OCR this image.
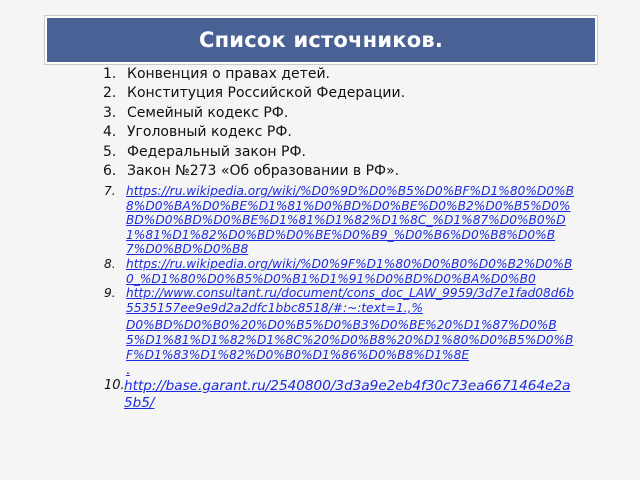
Список источников.
1. Конвенция о правах детей.
2. Конституция Российской Федерации.
3. Семейный кодекс РФ.
4. Уголовный кодекс РФ.
5. Федеральный закон РФ.
6. Закон №273 «Об образовании в РФ».
7. https://ru.wikipedia.org/wiki/%D0%9D%D0%B5%D0%BF%D1%80%D0%B8%D0%BA%D0%BE%D1%81%D0%BD%D0%BE%D0%B2%D0%B5%D0%BD%D0%BD%D0%BE%D1%81%D1%82%D1%8C_%D1%87%D0%B0%D1%81%D1%82%D0%BD%D0%BE%D0%B9_%D0%B6%D0%B8%D0%B7%D0%BD%D0%B8
8. https://ru.wikipedia.org/wiki/%D0%9F%D1%80%D0%B0%D0%B2%D0%B0_%D1%80%D0%B5%D0%B1%D1%91%D0%BD%D0%BA%D0%B0
9. http://www.consultant.ru/document/cons_doc_LAW_9959/3d7e1fad08d6b5535157ee9e9d2a2dfc1bbc8518/#:~:text=1.,%
D0%BD%D0%B0%20%D0%B5%D0%B3%D0%BE%20%D1%87%D0%B5%D1%81%D1%82%D1%8C%20%D0%B8%20%D1%80%D0%B5%D0%BF%D1%83%D1%82%D0%B0%D1%86%D0%B8%D1%8E
.
10. http://base.garant.ru/2540800/3d3a9e2eb4f30c73ea6671464e2a5b5/
